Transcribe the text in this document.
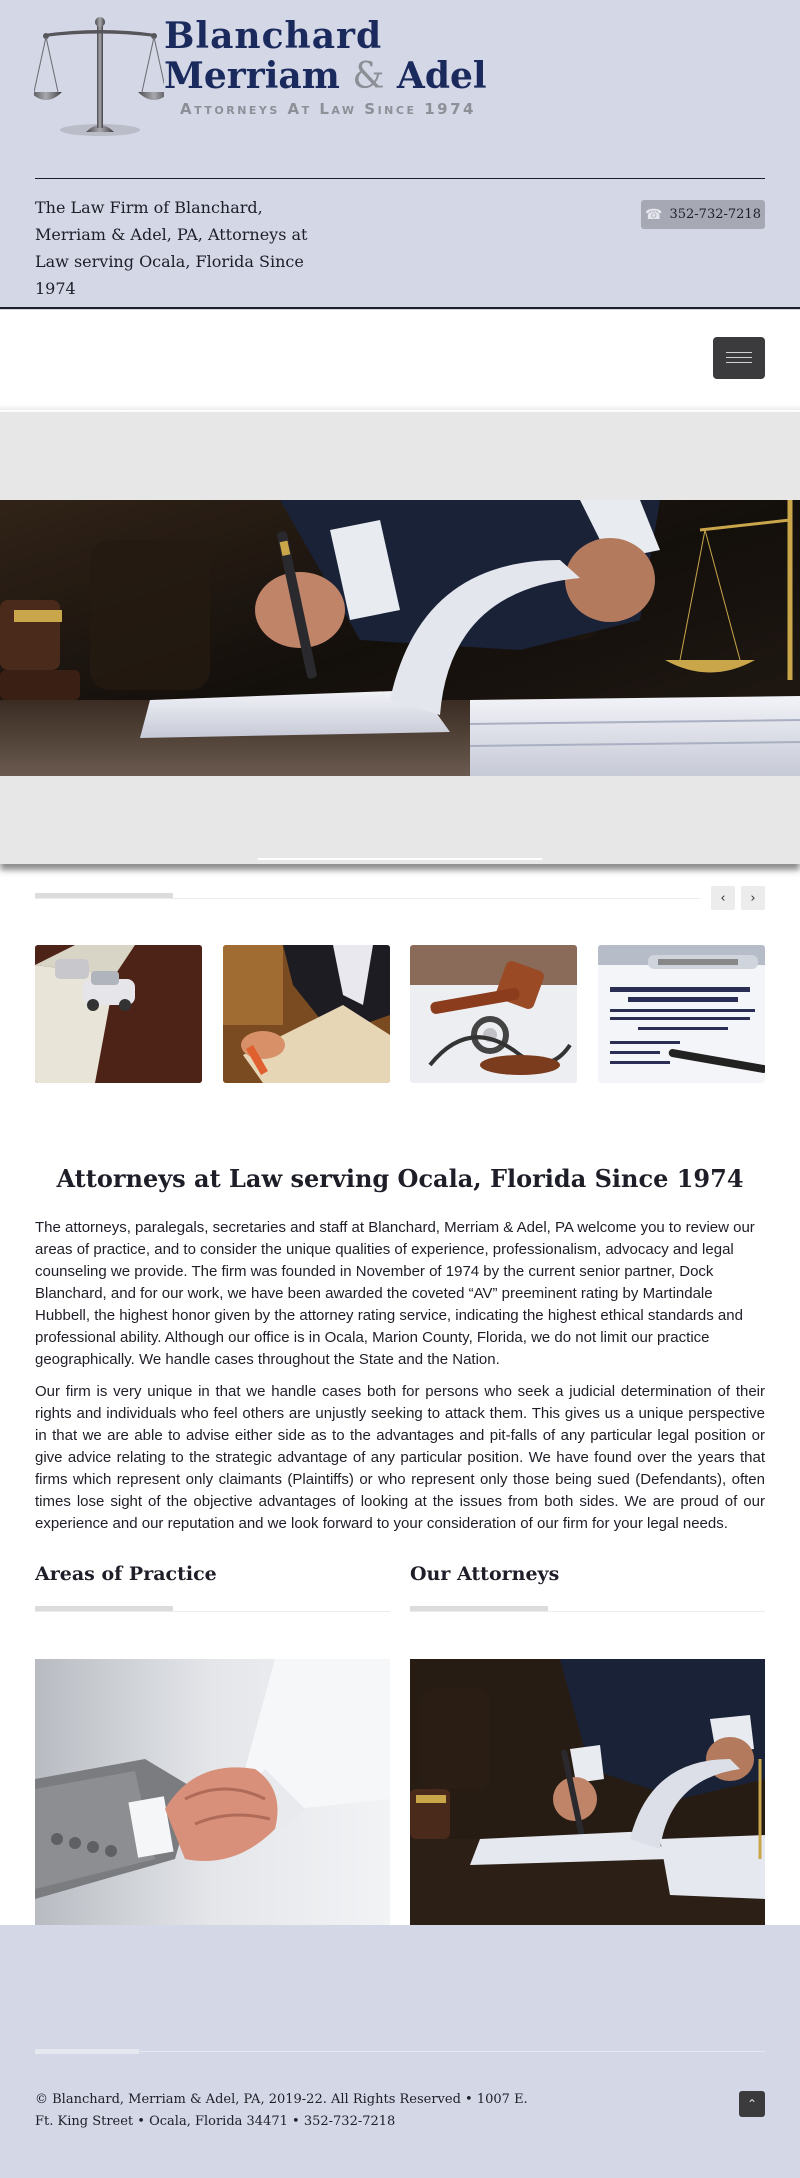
Blanchard
Merriam & Adel
Attorneys At Law Since 1974

The Law Firm of Blanchard, Merriam & Adel, PA, Attorneys at Law serving Ocala, Florida Since 1974

☎ 352-732-7218
‹ ›
Attorneys at Law serving Ocala, Florida Since 1974

The attorneys, paralegals, secretaries and staff at Blanchard, Merriam & Adel, PA welcome you to review our areas of practice, and to consider the unique qualities of experience, professionalism, advocacy and legal counseling we provide. The firm was founded in November of 1974 by the current senior partner, Dock Blanchard, and for our work, we have been awarded the coveted “AV” preeminent rating by Martindale Hubbell, the highest honor given by the attorney rating service, indicating the highest ethical standards and professional ability. Although our office is in Ocala, Marion County, Florida, we do not limit our practice geographically. We handle cases throughout the State and the Nation.

Our firm is very unique in that we handle cases both for persons who seek a judicial determination of their rights and individuals who feel others are unjustly seeking to attack them. This gives us a unique perspective in that we are able to advise either side as to the advantages and pit-falls of any particular legal position or give advice relating to the strategic advantage of any particular position. We have found over the years that firms which represent only claimants (Plaintiffs) or who represent only those being sued (Defendants), often times lose sight of the objective advantages of looking at the issues from both sides. We are proud of our experience and our reputation and we look forward to your consideration of our firm for your legal needs.

Areas of Practice	Our Attorneys

© Blanchard, Merriam & Adel, PA, 2019-22. All Rights Reserved • 1007 E. Ft. King Street • Ocala, Florida 34471 • 352-732-7218

⌃
